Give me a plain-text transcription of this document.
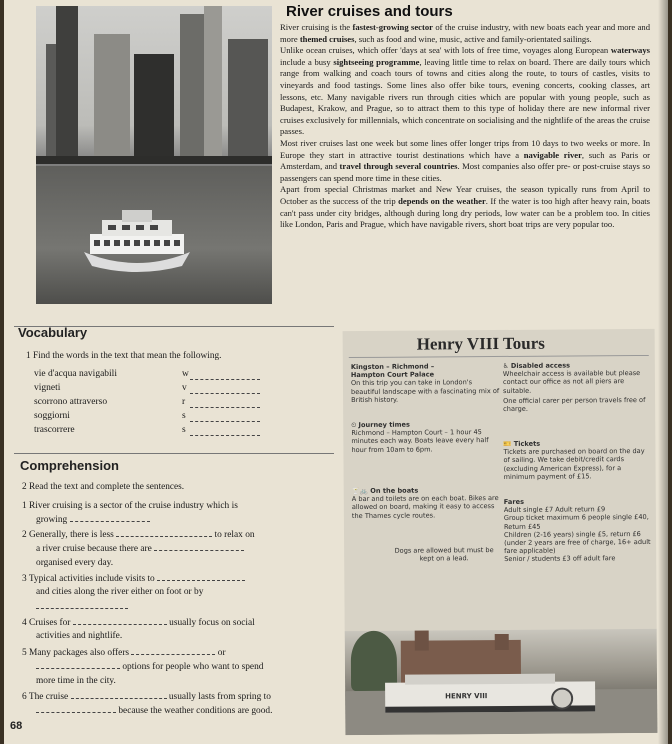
River cruises and tours

River cruising is the fastest-growing sector of the cruise industry, with new boats each year and more and more themed cruises, such as food and wine, music, active and family-orientated sailings.

Unlike ocean cruises, which offer 'days at sea' with lots of free time, voyages along European waterways include a busy sightseeing programme, leaving little time to relax on board. There are daily tours which range from walking and coach tours of towns and cities along the route, to tours of castles, visits to vineyards and food tastings. Some lines also offer bike tours, evening concerts, cooking classes, art lessons, etc. Many navigable rivers run through cities which are popular with young people, such as Budapest, Krakow, and Prague, so to attract them to this type of holiday there are new informal river cruises exclusively for millennials, which concentrate on socialising and the nightlife of the areas the cruise passes.

Most river cruises last one week but some lines offer longer trips from 10 days to two weeks or more. In Europe they start in attractive tourist destinations which have a navigable river, such as Paris or Amsterdam, and travel through several countries. Most companies also offer pre- or post-cruise stays so passengers can spend more time in these cities.

Apart from special Christmas market and New Year cruises, the season typically runs from April to October as the success of the trip depends on the weather. If the water is too high after heavy rain, boats can't pass under city bridges, although during long dry periods, low water can be a problem too. In cities like London, Paris and Prague, which have navigable rivers, short boat trips are very popular too.

Vocabulary
1 Find the words in the text that mean the following.
vie d'acqua navigabili	w
vigneti	v
scorrono attraverso	r
soggiorni	s
trascorrere	s
Comprehension
2 Read the text and complete the sentences.
1 River cruising is a sector of the cruise industry which is
growing
2 Generally, there is less	to relax on
a river cruise because there are
organised every day.
3 Typical activities include visits to
and cities along the river either on foot or by
4 Cruises for	usually focus on social
activities and nightlife.
5 Many packages also offers	or
options for people who want to spend
more time in the city.
6 The cruise	usually lasts from spring to
because the weather conditions are good.
68
Henry VIII Tours
Kingston – Richmond –
Hampton Court Palace
On this trip you can take in London's beautiful landscape with a fascinating mix of British history.
⏲ Journey times
Richmond – Hampton Court – 1 hour 45 minutes each way. Boats leave every half hour from 10am to 6pm.
🍸🚲 On the boats
A bar and toilets are on each boat. Bikes are allowed on board, making it easy to access the Thames cycle routes.
Dogs are allowed but must be kept on a lead.
♿ Disabled access
Wheelchair access is available but please contact our office as not all piers are suitable.
One official carer per person travels free of charge.
🎫 Tickets
Tickets are purchased on board on the day of sailing. We take debit/credit cards (excluding American Express), for a minimum payment of £15.
Fares
Adult single £7 Adult return £9
Group ticket maximum 6 people single £40, Return £45
Children (2-16 years) single £5, return £6 (under 2 years are free of charge, 16+ adult fare applicable)
Senior / students £3 off adult fare
HENRY VIII
